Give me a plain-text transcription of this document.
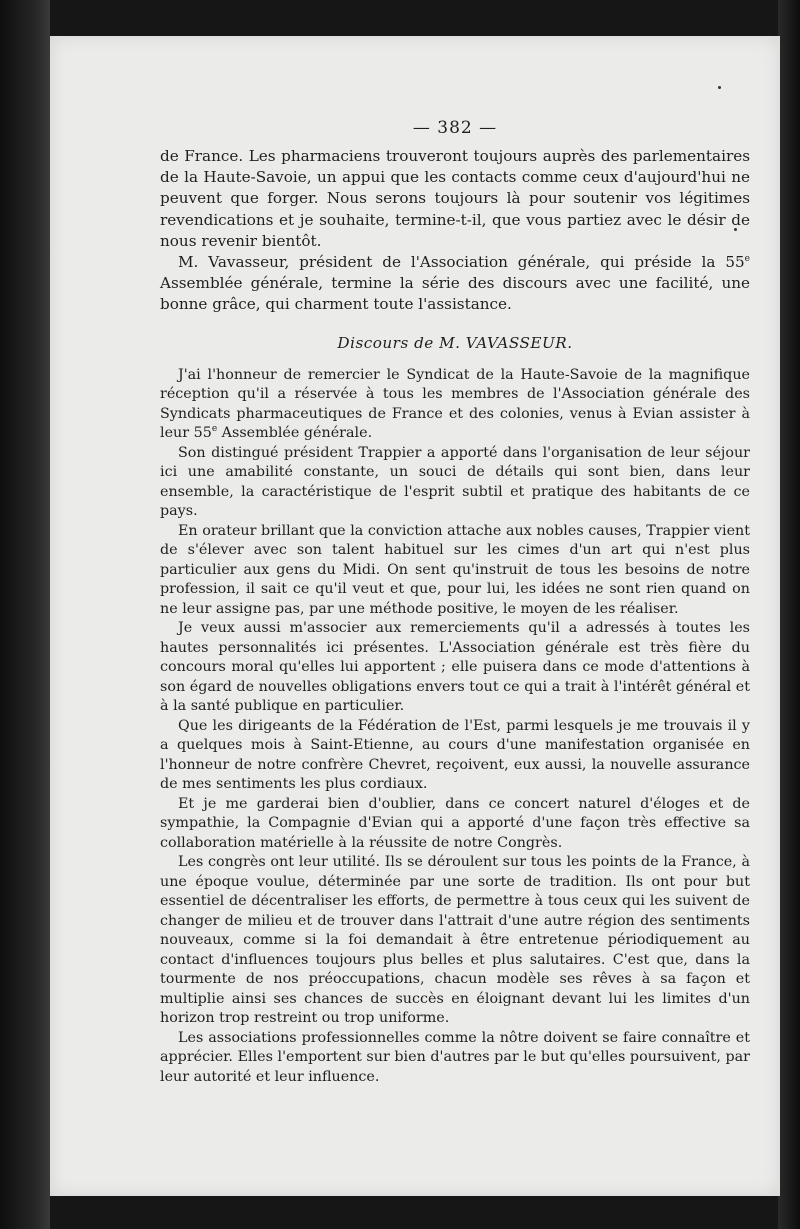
— 382 —

de France. Les pharmaciens trouveront toujours auprès des parlementaires de la Haute-Savoie, un appui que les contacts comme ceux d'aujourd'hui ne peuvent que forger. Nous serons toujours là pour soutenir vos légitimes revendications et je souhaite, termine-t-il, que vous partiez avec le désir de nous revenir bientôt.

M. Vavasseur, président de l'Association générale, qui préside la 55e Assemblée générale, termine la série des discours avec une facilité, une bonne grâce, qui charment toute l'assistance.

Discours de M. VAVASSEUR.

J'ai l'honneur de remercier le Syndicat de la Haute-Savoie de la magnifique réception qu'il a réservée à tous les membres de l'Association générale des Syndicats pharmaceutiques de France et des colonies, venus à Evian assister à leur 55e Assemblée générale.

Son distingué président Trappier a apporté dans l'organisation de leur séjour ici une amabilité constante, un souci de détails qui sont bien, dans leur ensemble, la caractéristique de l'esprit subtil et pratique des habitants de ce pays.

En orateur brillant que la conviction attache aux nobles causes, Trappier vient de s'élever avec son talent habituel sur les cimes d'un art qui n'est plus particulier aux gens du Midi. On sent qu'instruit de tous les besoins de notre profession, il sait ce qu'il veut et que, pour lui, les idées ne sont rien quand on ne leur assigne pas, par une méthode positive, le moyen de les réaliser.

Je veux aussi m'associer aux remerciements qu'il a adressés à toutes les hautes personnalités ici présentes. L'Association générale est très fière du concours moral qu'elles lui apportent ; elle puisera dans ce mode d'attentions à son égard de nouvelles obligations envers tout ce qui a trait à l'intérêt général et à la santé publique en particulier.

Que les dirigeants de la Fédération de l'Est, parmi lesquels je me trouvais il y a quelques mois à Saint-Etienne, au cours d'une manifestation organisée en l'honneur de notre confrère Chevret, reçoivent, eux aussi, la nouvelle assurance de mes sentiments les plus cordiaux.

Et je me garderai bien d'oublier, dans ce concert naturel d'éloges et de sympathie, la Compagnie d'Evian qui a apporté d'une façon très effective sa collaboration matérielle à la réussite de notre Congrès.

Les congrès ont leur utilité. Ils se déroulent sur tous les points de la France, à une époque voulue, déterminée par une sorte de tradition. Ils ont pour but essentiel de décentraliser les efforts, de permettre à tous ceux qui les suivent de changer de milieu et de trouver dans l'attrait d'une autre région des sentiments nouveaux, comme si la foi demandait à être entretenue périodiquement au contact d'influences toujours plus belles et plus salutaires. C'est que, dans la tourmente de nos préoccupations, chacun modèle ses rêves à sa façon et multiplie ainsi ses chances de succès en éloignant devant lui les limites d'un horizon trop restreint ou trop uniforme.

Les associations professionnelles comme la nôtre doivent se faire connaître et apprécier. Elles l'emportent sur bien d'autres par le but qu'elles poursuivent, par leur autorité et leur influence.
